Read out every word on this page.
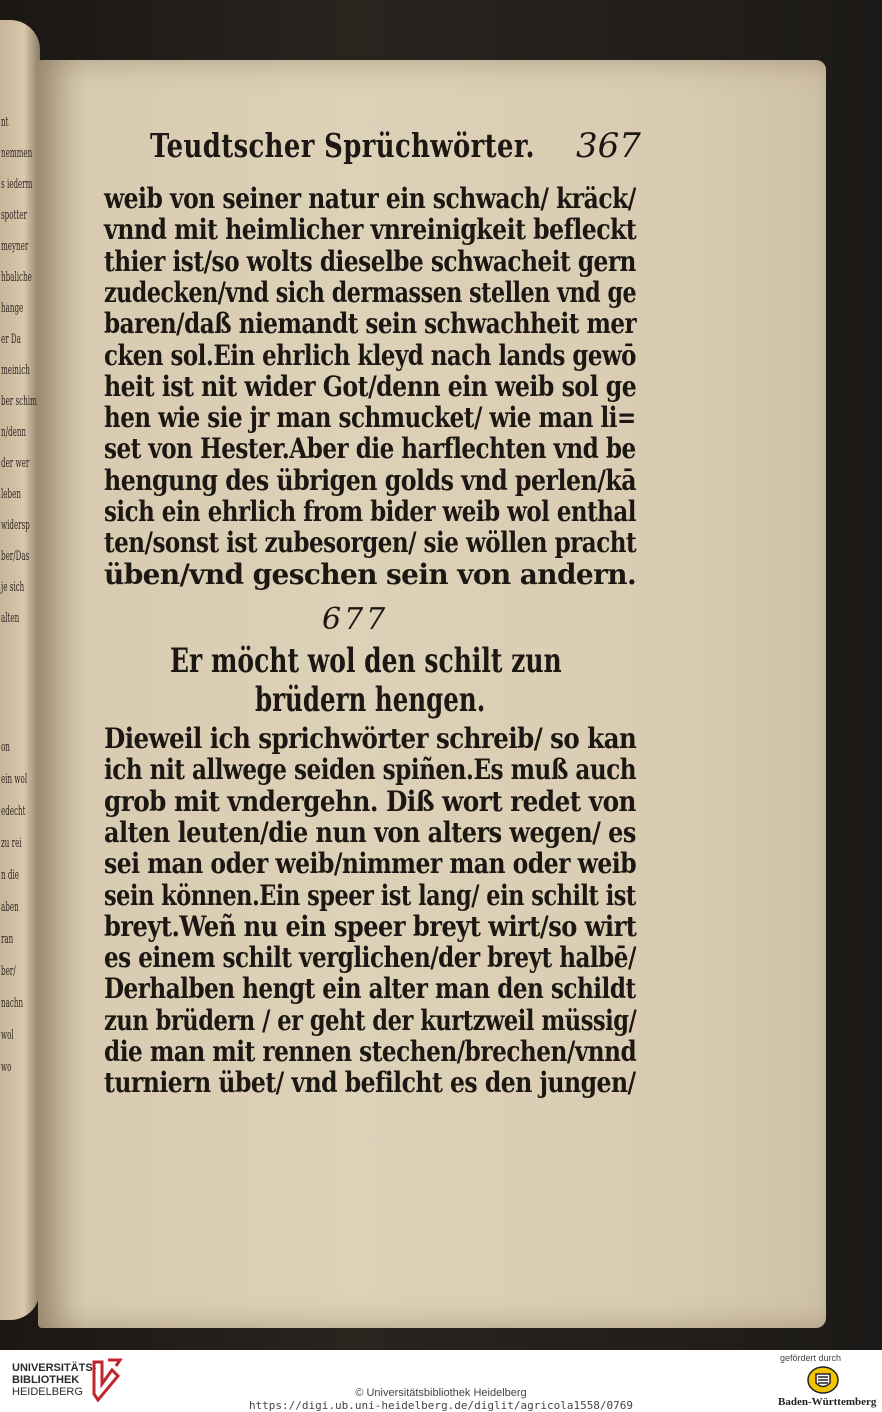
nt
nemmen
s iederm
spotter
meyner
hbaliche
hange
er Da
meinich
ber schim
n/denn
der wer
leben
widersp
ber/Das
je sich
alten
on
ein wol
edecht
zu rei
n die
aben
ran
ber/
nachn
wol
wo
Teudtscher Sprüchwörter. 367
677
Er möcht wol den schilt zun
brüdern hengen.
weib von seiner natur ein schwach/ kräck/
vnnd mit heimlicher vnreinigkeit befleckt
thier ist/so wolts dieselbe schwacheit gern
zudecken/vnd sich dermassen stellen vnd ge
baren/daß niemandt sein schwachheit mer
cken sol.Ein ehrlich kleyd nach lands gewō
heit ist nit wider Got/denn ein weib sol ge
hen wie sie jr man schmucket/ wie man li=
set von Hester.Aber die harflechten vnd be
hengung des übrigen golds vnd perlen/kā
sich ein ehrlich from bider weib wol enthal
ten/sonst ist zubesorgen/ sie wöllen pracht
üben/vnd geschen sein von andern.
Dieweil ich sprichwörter schreib/ so kan
ich nit allwege seiden spiñen.Es muß auch
grob mit vndergehn. Diß wort redet von
alten leuten/die nun von alters wegen/ es
sei man oder weib/nimmer man oder weib
sein können.Ein speer ist lang/ ein schilt ist
breyt.Weñ nu ein speer breyt wirt/so wirt
es einem schilt verglichen/der breyt halbē/
Derhalben hengt ein alter man den schildt
zun brüdern / er geht der kurtzweil müssig/
die man mit rennen stechen/brechen/vnnd
turniern übet/ vnd befilcht es den jungen/
UNIVERSITÄTS-
BIBLIOTHEK
HEIDELBERG	© Universitätsbibliothek Heidelberg
https://digi.ub.uni-heidelberg.de/diglit/agricola1558/0769
gefördert durch
Baden-Württemberg
